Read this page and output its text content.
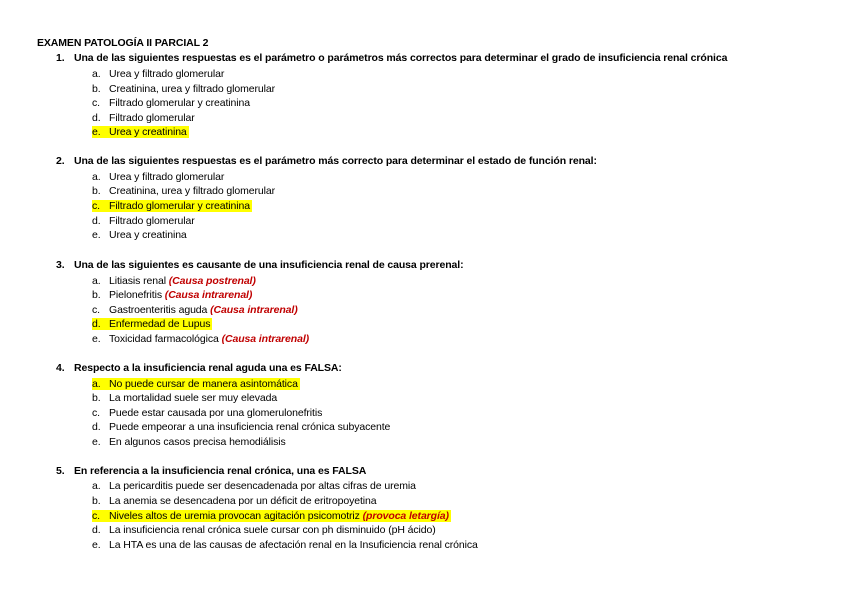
EXAMEN PATOLOGÍA II PARCIAL 2
1. Una de las siguientes respuestas es el parámetro o parámetros más correctos para determinar el grado de insuficiencia renal crónica
a. Urea y filtrado glomerular
b. Creatinina, urea y filtrado glomerular
c. Filtrado glomerular y creatinina
d. Filtrado glomerular
e. Urea y creatinina
2. Una de las siguientes respuestas es el parámetro más correcto para determinar el estado de función renal:
a. Urea y filtrado glomerular
b. Creatinina, urea y filtrado glomerular
c. Filtrado glomerular y creatinina
d. Filtrado glomerular
e. Urea y creatinina
3. Una de las siguientes es causante de una insuficiencia renal de causa prerenal:
a. Litiasis renal (Causa postrenal)
b. Pielonefritis (Causa intrarenal)
c. Gastroenteritis aguda (Causa intrarenal)
d. Enfermedad de Lupus
e. Toxicidad farmacológica (Causa intrarenal)
4. Respecto a la insuficiencia renal aguda una es FALSA:
a. No puede cursar de manera asintomática
b. La mortalidad suele ser muy elevada
c. Puede estar causada por una glomerulonefritis
d. Puede empeorar a una insuficiencia renal crónica subyacente
e. En algunos casos precisa hemodiálisis
5. En referencia a la insuficiencia renal crónica, una es FALSA
a. La pericarditis puede ser desencadenada por altas cifras de uremia
b. La anemia se desencadena por un déficit de eritropoyetina
c. Niveles altos de uremia provocan agitación psicomotriz (provoca letargía)
d. La insuficiencia renal crónica suele cursar con ph disminuido (pH ácido)
e. La HTA es una de las causas de afectación renal en la Insuficiencia renal crónica
